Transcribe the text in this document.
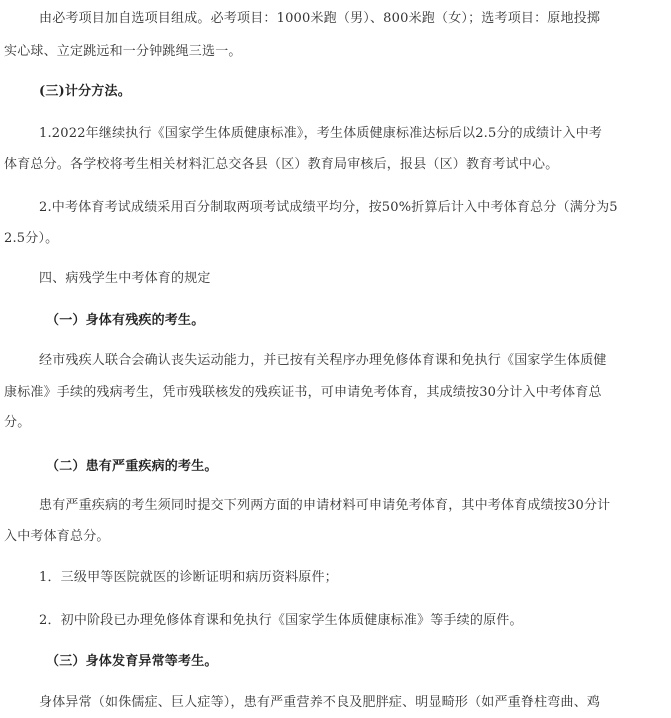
由必考项目加自选项目组成。必考项目：1000米跑（男）、800米跑（女）；选考项目：原地投掷
实心球、立定跳远和一分钟跳绳三选一。
(三)计分方法。
1.2022年继续执行《国家学生体质健康标准》，考生体质健康标准达标后以2.5分的成绩计入中考
体育总分。各学校将考生相关材料汇总交各县（区）教育局审核后，报县（区）教育考试中心。
2.中考体育考试成绩采用百分制取两项考试成绩平均分，按50%折算后计入中考体育总分（满分为5
2.5分）。
四、病残学生中考体育的规定
（一）身体有残疾的考生。
经市残疾人联合会确认丧失运动能力，并已按有关程序办理免修体育课和免执行《国家学生体质健
康标准》手续的残病考生，凭市残联核发的残疾证书，可申请免考体育，其成绩按30分计入中考体育总
分。
（二）患有严重疾病的考生。
患有严重疾病的考生须同时提交下列两方面的申请材料可申请免考体育，其中考体育成绩按30分计
入中考体育总分。
1．三级甲等医院就医的诊断证明和病历资料原件；
2．初中阶段已办理免修体育课和免执行《国家学生体质健康标准》等手续的原件。
（三）身体发育异常等考生。
身体异常（如侏儒症、巨人症等），患有严重营养不良及肥胖症、明显畸形（如严重脊柱弯曲、鸡
